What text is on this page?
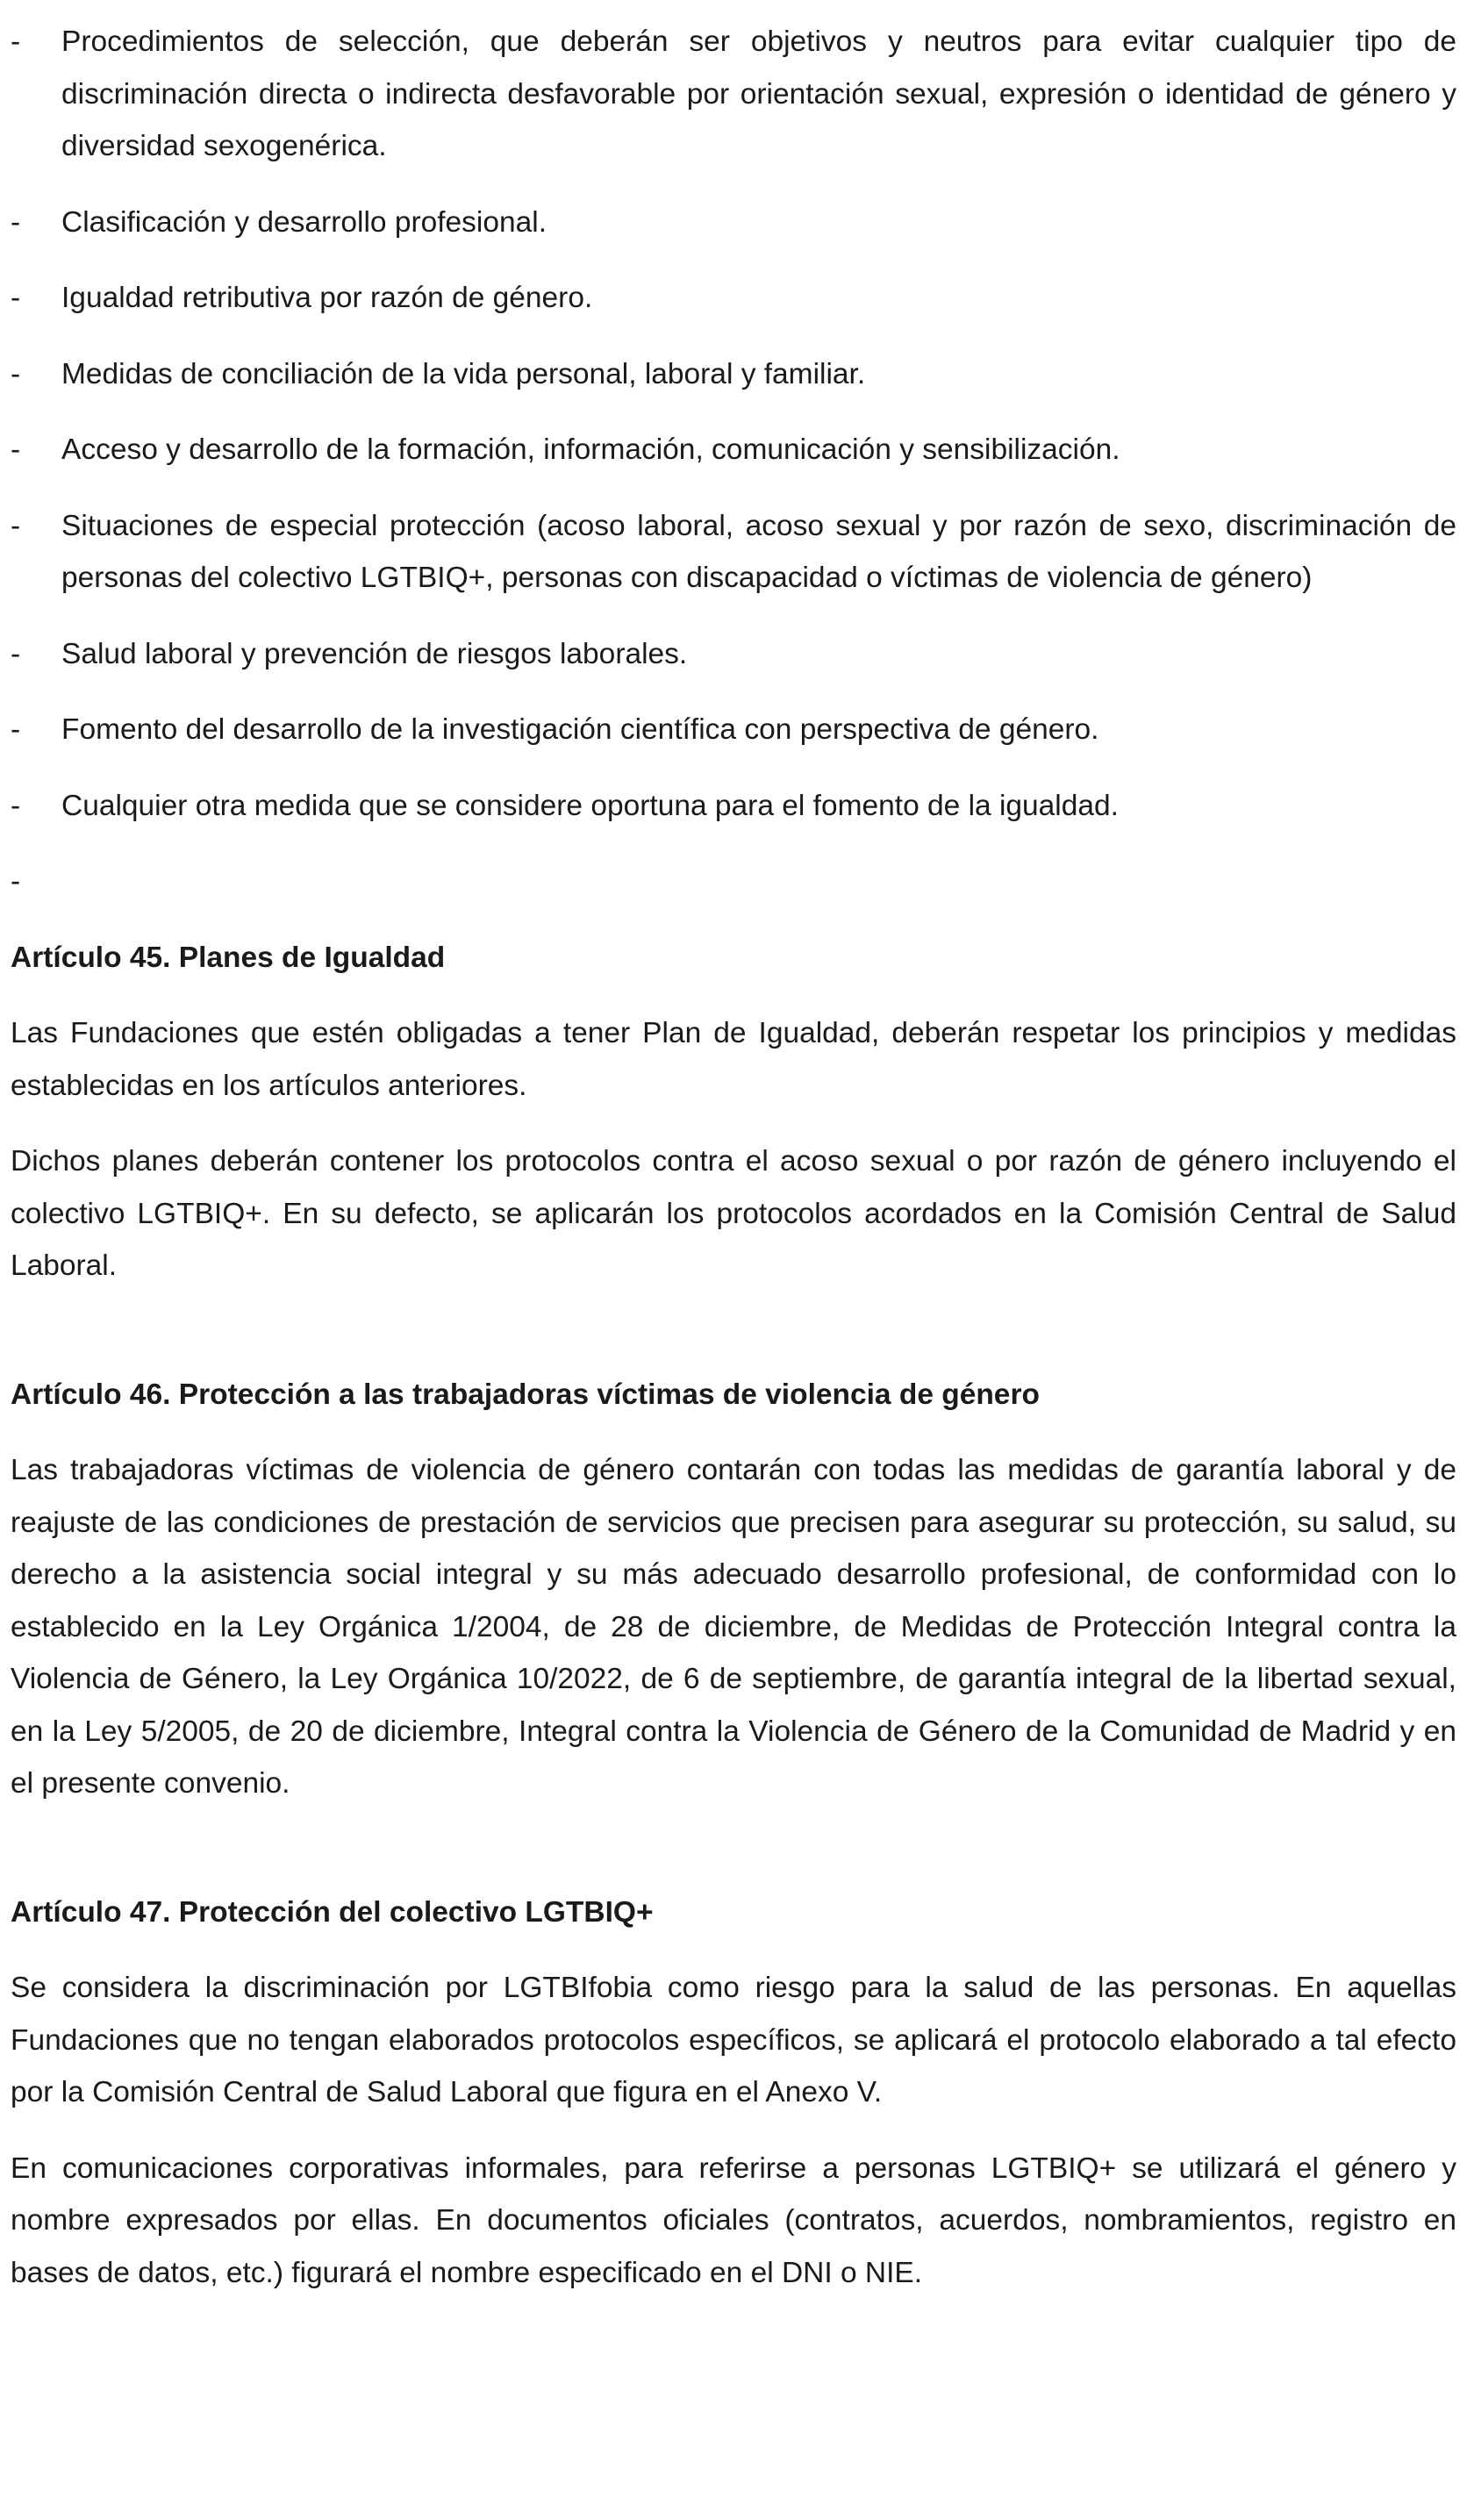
- Procedimientos de selección, que deberán ser objetivos y neutros para evitar cualquier tipo de discriminación directa o indirecta desfavorable por orientación sexual, expresión o identidad de género y diversidad sexogenérica.
- Clasificación y desarrollo profesional.
- Igualdad retributiva por razón de género.
- Medidas de conciliación de la vida personal, laboral y familiar.
- Acceso y desarrollo de la formación, información, comunicación y sensibilización.
- Situaciones de especial protección (acoso laboral, acoso sexual y por razón de sexo, discriminación de personas del colectivo LGTBIQ+, personas con discapacidad o víctimas de violencia de género)
- Salud laboral y prevención de riesgos laborales.
- Fomento del desarrollo de la investigación científica con perspectiva de género.
- Cualquier otra medida que se considere oportuna para el fomento de la igualdad.
-
Artículo 45. Planes de Igualdad

Las Fundaciones que estén obligadas a tener Plan de Igualdad, deberán respetar los principios y medidas establecidas en los artículos anteriores.

Dichos planes deberán contener los protocolos contra el acoso sexual o por razón de género incluyendo el colectivo LGTBIQ+. En su defecto, se aplicarán los protocolos acordados en la Comisión Central de Salud Laboral.

Artículo 46. Protección a las trabajadoras víctimas de violencia de género

Las trabajadoras víctimas de violencia de género contarán con todas las medidas de garantía laboral y de reajuste de las condiciones de prestación de servicios que precisen para asegurar su protección, su salud, su derecho a la asistencia social integral y su más adecuado desarrollo profesional, de conformidad con lo establecido en la Ley Orgánica 1/2004, de 28 de diciembre, de Medidas de Protección Integral contra la Violencia de Género, la Ley Orgánica 10/2022, de 6 de septiembre, de garantía integral de la libertad sexual, en la Ley 5/2005, de 20 de diciembre, Integral contra la Violencia de Género de la Comunidad de Madrid y en el presente convenio.

Artículo 47. Protección del colectivo LGTBIQ+

Se considera la discriminación por LGTBIfobia como riesgo para la salud de las personas. En aquellas Fundaciones que no tengan elaborados protocolos específicos, se aplicará el protocolo elaborado a tal efecto por la Comisión Central de Salud Laboral que figura en el Anexo V.

En comunicaciones corporativas informales, para referirse a personas LGTBIQ+ se utilizará el género y nombre expresados por ellas. En documentos oficiales (contratos, acuerdos, nombramientos, registro en bases de datos, etc.) figurará el nombre especificado en el DNI o NIE.
